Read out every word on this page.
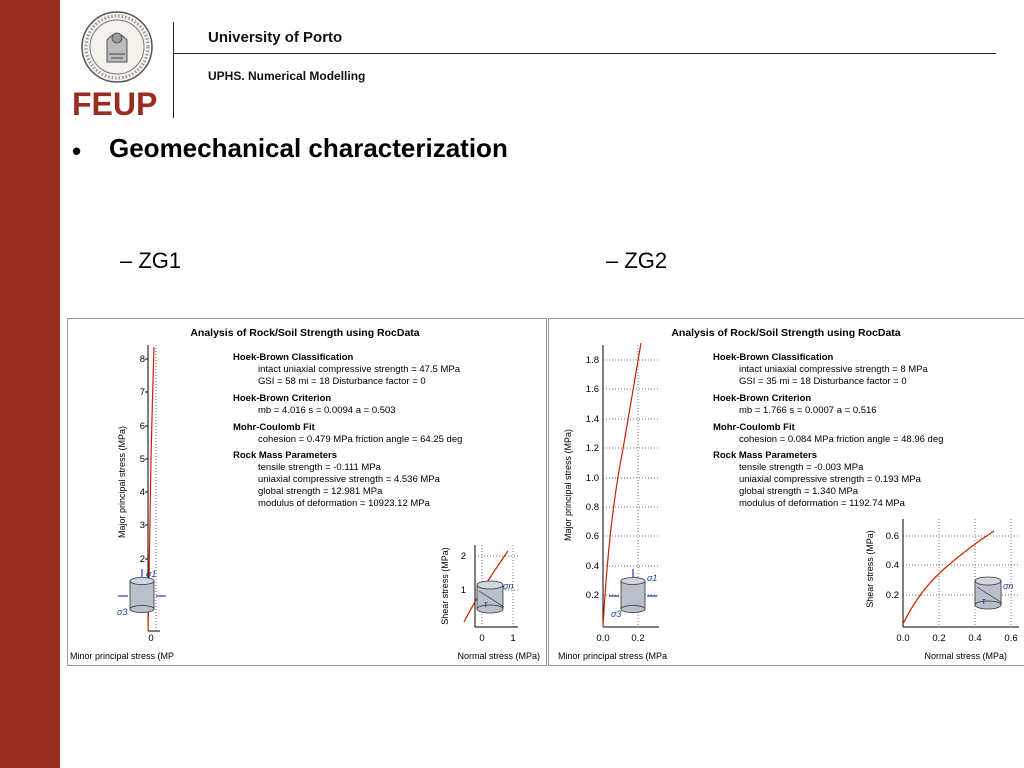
FEUP
University of Porto
UPHS. Numerical Modelling
• Geomechanical characterization
– ZG1	– ZG2
Analysis of Rock/Soil Strength using RocData
8
7
6
5
4
3
2
0
Major principal stress (MPa)
Minor principal stress (MP
σ1
σ3
Hoek-Brown Classification
intact uniaxial compressive strength = 47.5 MPa
GSI = 58 mi = 18 Disturbance factor = 0
Hoek-Brown Criterion
mb = 4.016 s = 0.0094 a = 0.503
Mohr-Coulomb Fit
cohesion = 0.479 MPa friction angle = 64.25 deg
Rock Mass Parameters
tensile strength = -0.111 MPa
uniaxial compressive strength = 4.536 MPa
global strength = 12.981 MPa
modulus of deformation = 10923.12 MPa
2
1
0	1
Shear stress (MPa)
Normal stress (MPa)
σn
τ
Analysis of Rock/Soil Strength using RocData
1.8
1.6
1.4
1.2
1.0
0.8
0.6
0.4
0.2
0.0 0.2
Major principal stress (MPa)
Minor principal stress (MPa
σ1
σ3
Hoek-Brown Classification
intact uniaxial compressive strength = 8 MPa
GSI = 35 mi = 18 Disturbance factor = 0
Hoek-Brown Criterion
mb = 1.766 s = 0.0007 a = 0.516
Mohr-Coulomb Fit
cohesion = 0.084 MPa friction angle = 48.96 deg
Rock Mass Parameters
tensile strength = -0.003 MPa
uniaxial compressive strength = 0.193 MPa
global strength = 1.340 MPa
modulus of deformation = 1192.74 MPa
0.6
0.4
0.2
0.0 0.2 0.4 0.6
Shear stress (MPa)
Normal stress (MPa)
σn
τ
